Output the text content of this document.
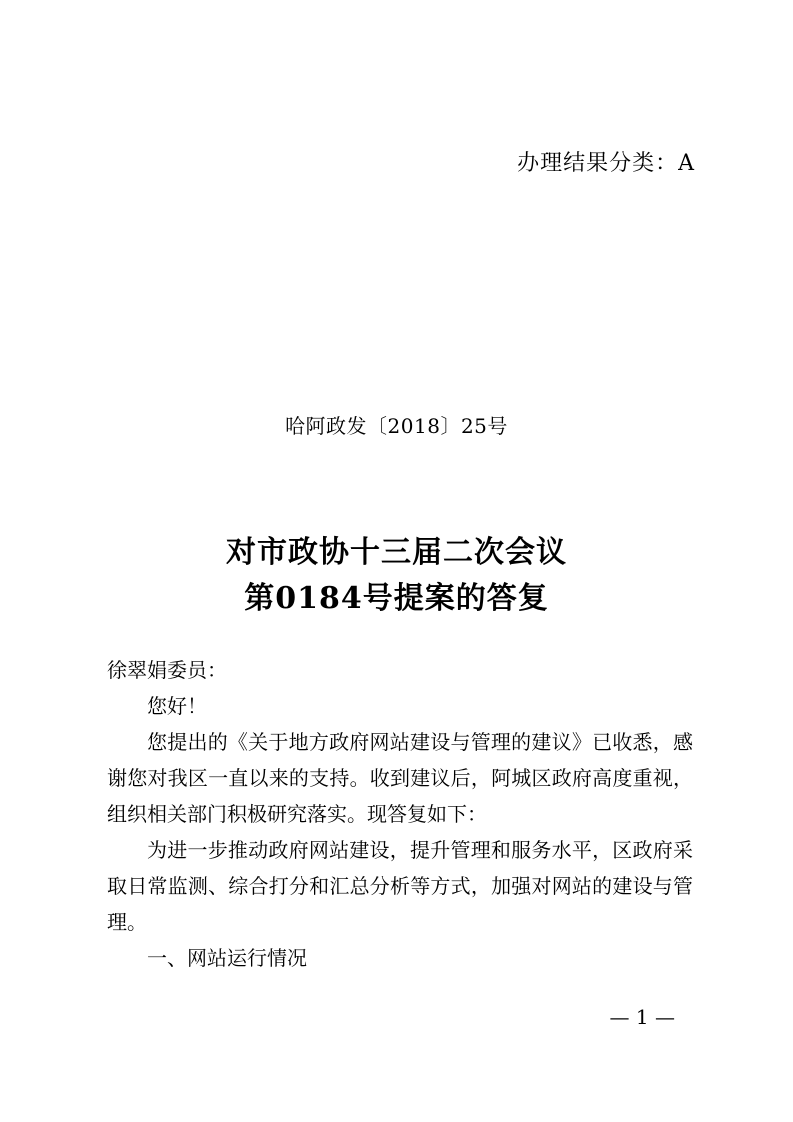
办理结果分类：A
哈阿政发〔2018〕25号
对市政协十三届二次会议
第0184号提案的答复

徐翠娟委员：

您好！

您提出的《关于地方政府网站建设与管理的建议》已收悉，感谢您对我区一直以来的支持。收到建议后，阿城区政府高度重视，组织相关部门积极研究落实。现答复如下：

为进一步推动政府网站建设，提升管理和服务水平，区政府采取日常监测、综合打分和汇总分析等方式，加强对网站的建设与管理。

一、网站运行情况

— 1 —
